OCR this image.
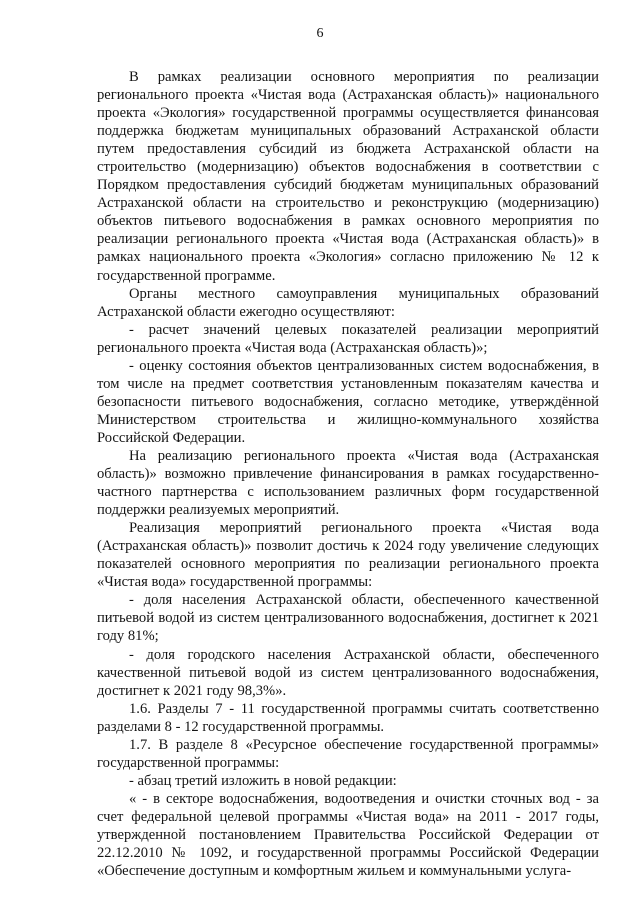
6

В рамках реализации основного мероприятия по реализации регионального проекта «Чистая вода (Астраханская область)» национального проекта «Экология» государственной программы осуществляется финансовая поддержка бюджетам муниципальных образований Астраханской области путем предоставления субсидий из бюджета Астраханской области на строительство (модернизацию) объектов водоснабжения в соответствии с Порядком предоставления субсидий бюджетам муниципальных образований Астраханской области на строительство и реконструкцию (модернизацию) объектов питьевого водоснабжения в рамках основного мероприятия по реализации регионального проекта «Чистая вода (Астраханская область)» в рамках национального проекта «Экология» согласно приложению № 12 к государственной программе.

Органы местного самоуправления муниципальных образований Астраханской области ежегодно осуществляют:

- расчет значений целевых показателей реализации мероприятий регионального проекта «Чистая вода (Астраханская область)»;

- оценку состояния объектов централизованных систем водоснабжения, в том числе на предмет соответствия установленным показателям качества и безопасности питьевого водоснабжения, согласно методике, утверждённой Министерством строительства и жилищно-коммунального хозяйства Российской Федерации.

На реализацию регионального проекта «Чистая вода (Астраханская область)» возможно привлечение финансирования в рамках государственно-частного партнерства с использованием различных форм государственной поддержки реализуемых мероприятий.

Реализация мероприятий регионального проекта «Чистая вода (Астраханская область)» позволит достичь к 2024 году увеличение следующих показателей основного мероприятия по реализации регионального проекта «Чистая вода» государственной программы:

- доля населения Астраханской области, обеспеченного качественной питьевой водой из систем централизованного водоснабжения, достигнет к 2021 году 81%;

- доля городского населения Астраханской области, обеспеченного качественной питьевой водой из систем централизованного водоснабжения, достигнет к 2021 году 98,3%».

1.6. Разделы 7 - 11 государственной программы считать соответственно разделами 8 - 12 государственной программы.

1.7. В разделе 8 «Ресурсное обеспечение государственной программы» государственной программы:

- абзац третий изложить в новой редакции:

« - в секторе водоснабжения, водоотведения и очистки сточных вод - за счет федеральной целевой программы «Чистая вода» на 2011 - 2017 годы, утвержденной постановлением Правительства Российской Федерации от 22.12.2010 № 1092, и государственной программы Российской Федерации «Обеспечение доступным и комфортным жильем и коммунальными услуга-
